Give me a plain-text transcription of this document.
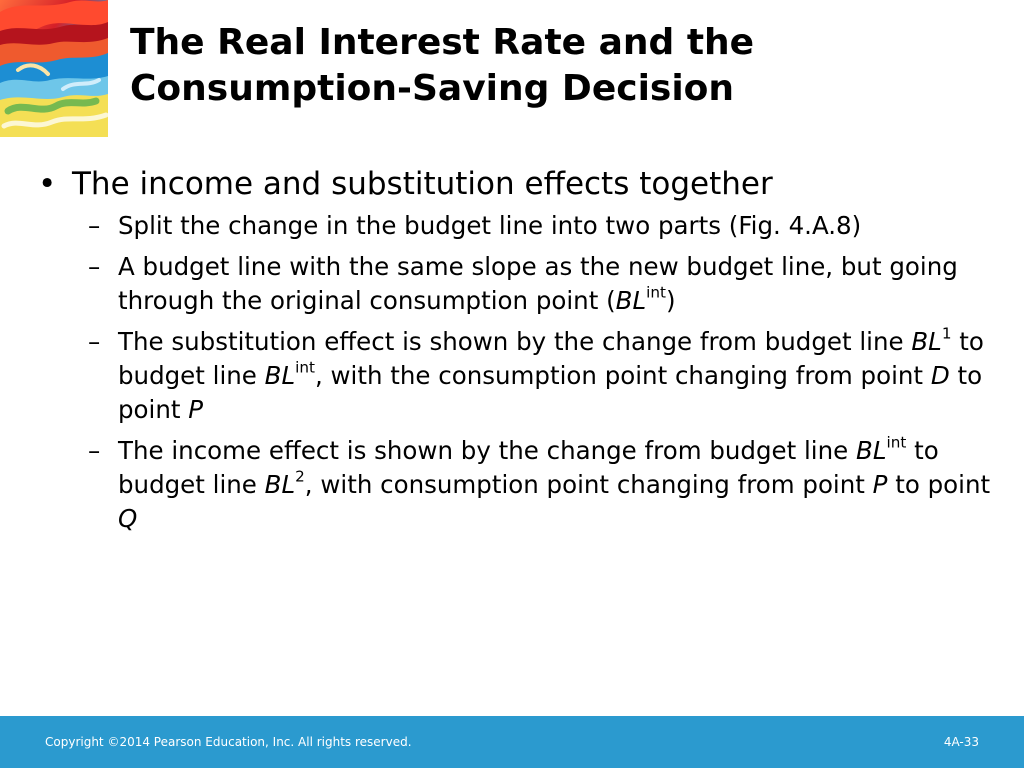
The Real Interest Rate and the
Consumption-Saving Decision
• The income and substitution effects together
– Split the change in the budget line into two parts (Fig. 4.A.8)
– A budget line with the same slope as the new budget line, but going through the original consumption point $(BL^{int})$
– The substitution effect is shown by the change from budget line $BL^1$ to budget line $BL^{int}$, with the consumption point changing from point D to point P
– The income effect is shown by the change from budget line $BL^{int}$ to budget line $BL^2$, with consumption point changing from point P to point Q
Copyright ©2014 Pearson Education, Inc. All rights reserved.	4A-33
